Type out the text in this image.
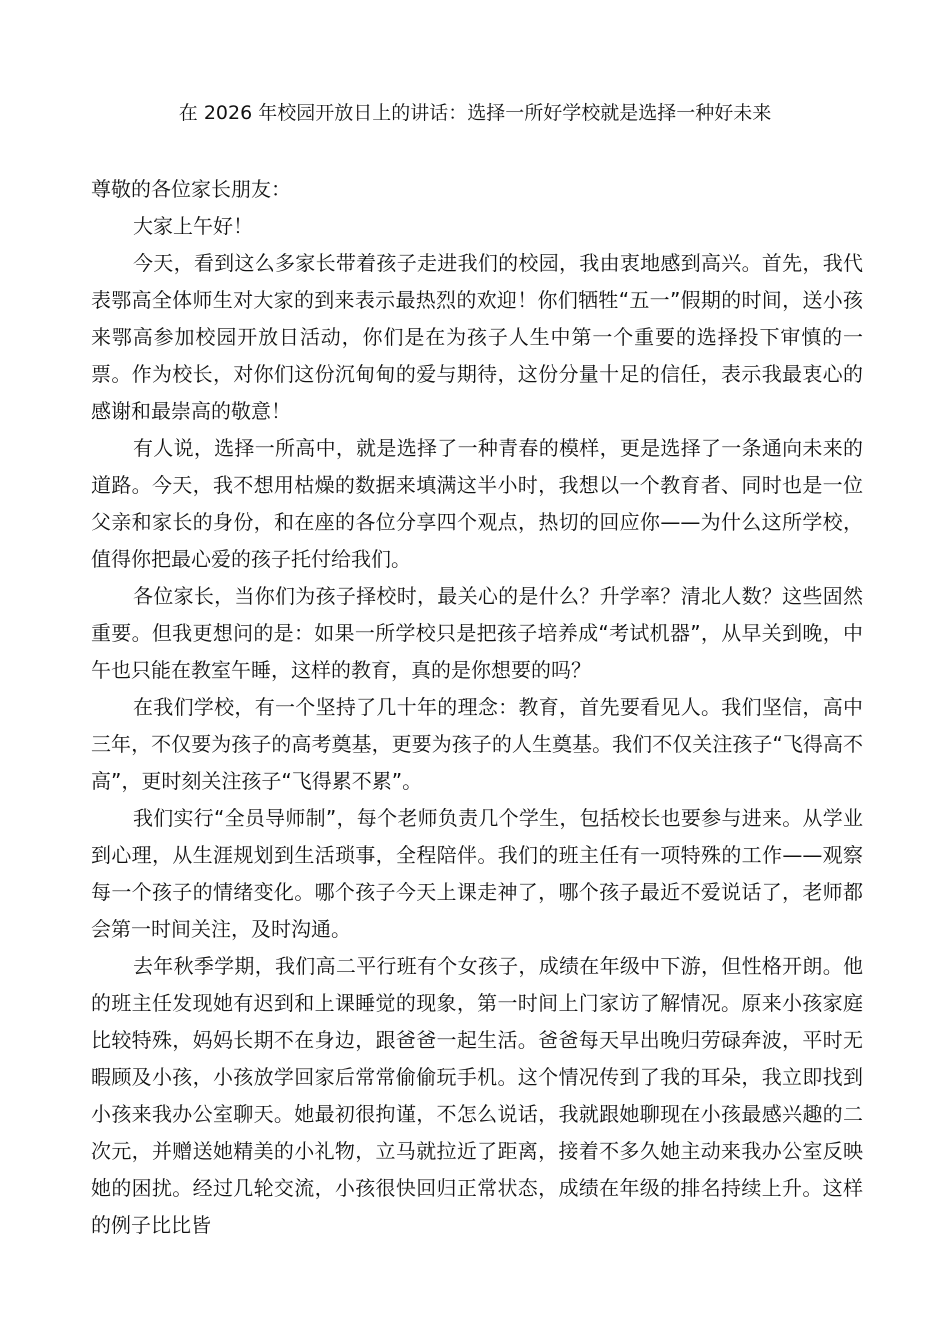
在 2026 年校园开放日上的讲话：选择一所好学校就是选择一种好未来

尊敬的各位家长朋友：

大家上午好！

今天，看到这么多家长带着孩子走进我们的校园，我由衷地感到高兴。首先，我代表鄂高全体师生对大家的到来表示最热烈的欢迎！你们牺牲“五一”假期的时间，送小孩来鄂高参加校园开放日活动，你们是在为孩子人生中第一个重要的选择投下审慎的一票。作为校长，对你们这份沉甸甸的爱与期待，这份分量十足的信任，表示我最衷心的感谢和最崇高的敬意！

有人说，选择一所高中，就是选择了一种青春的模样，更是选择了一条通向未来的道路。今天，我不想用枯燥的数据来填满这半小时，我想以一个教育者、同时也是一位父亲和家长的身份，和在座的各位分享四个观点，热切的回应你——为什么这所学校，值得你把最心爱的孩子托付给我们。

各位家长，当你们为孩子择校时，最关心的是什么？升学率？清北人数？这些固然重要。但我更想问的是：如果一所学校只是把孩子培养成“考试机器”，从早关到晚，中午也只能在教室午睡，这样的教育，真的是你想要的吗？

在我们学校，有一个坚持了几十年的理念：教育，首先要看见人。我们坚信，高中三年，不仅要为孩子的高考奠基，更要为孩子的人生奠基。我们不仅关注孩子“飞得高不高”，更时刻关注孩子“飞得累不累”。

我们实行“全员导师制”，每个老师负责几个学生，包括校长也要参与进来。从学业到心理，从生涯规划到生活琐事，全程陪伴。我们的班主任有一项特殊的工作——观察每一个孩子的情绪变化。哪个孩子今天上课走神了，哪个孩子最近不爱说话了，老师都会第一时间关注，及时沟通。

去年秋季学期，我们高二平行班有个女孩子，成绩在年级中下游，但性格开朗。他的班主任发现她有迟到和上课睡觉的现象，第一时间上门家访了解情况。原来小孩家庭比较特殊，妈妈长期不在身边，跟爸爸一起生活。爸爸每天早出晚归劳碌奔波，平时无暇顾及小孩，小孩放学回家后常常偷偷玩手机。这个情况传到了我的耳朵，我立即找到小孩来我办公室聊天。她最初很拘谨，不怎么说话，我就跟她聊现在小孩最感兴趣的二次元，并赠送她精美的小礼物，立马就拉近了距离，接着不多久她主动来我办公室反映她的困扰。经过几轮交流，小孩很快回归正常状态，成绩在年级的排名持续上升。这样的例子比比皆
